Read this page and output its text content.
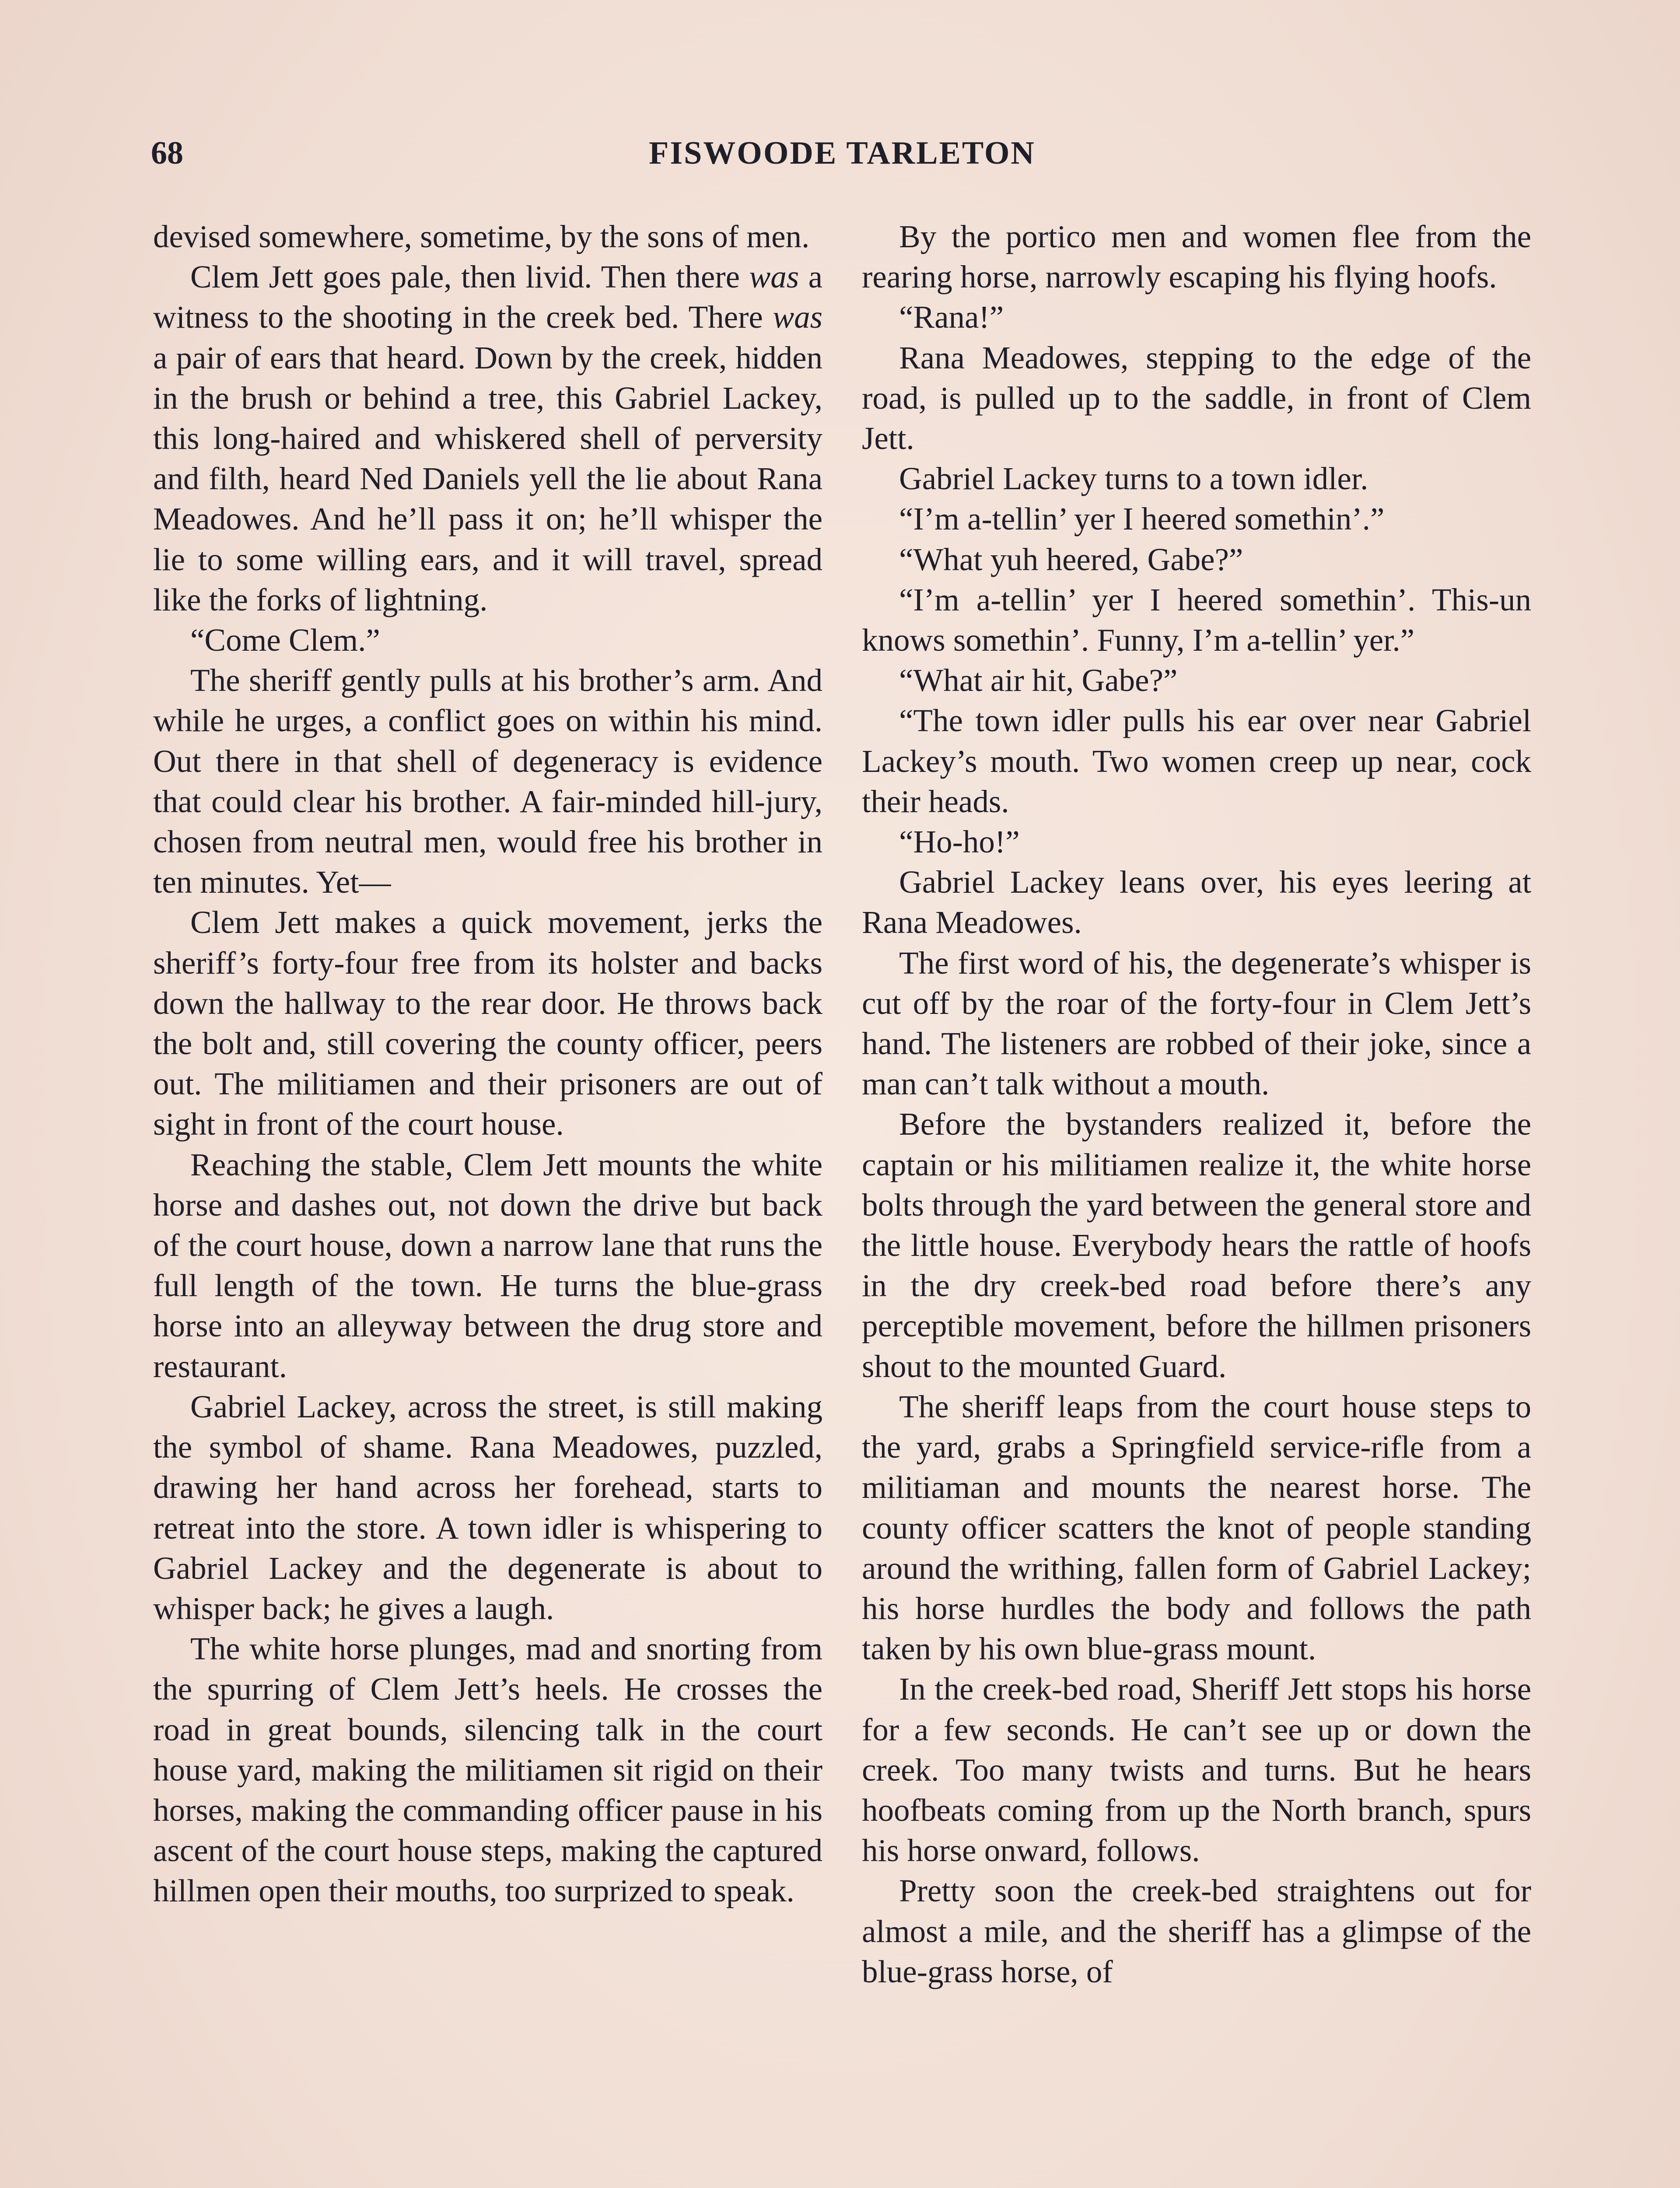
68	FISWOODE TARLETON

devised somewhere, sometime, by the sons of men.

Clem Jett goes pale, then livid. Then there was a witness to the shooting in the creek bed. There was a pair of ears that heard. Down by the creek, hidden in the brush or behind a tree, this Gabriel Lackey, this long-haired and whiskered shell of perversity and filth, heard Ned Daniels yell the lie about Rana Meadowes. And he’ll pass it on; he’ll whisper the lie to some willing ears, and it will travel, spread like the forks of lightning.

“Come Clem.”

The sheriff gently pulls at his brother’s arm. And while he urges, a conflict goes on within his mind. Out there in that shell of degeneracy is evidence that could clear his brother. A fair-minded hill-jury, chosen from neutral men, would free his brother in ten minutes. Yet—

Clem Jett makes a quick movement, jerks the sheriff’s forty-four free from its holster and backs down the hallway to the rear door. He throws back the bolt and, still covering the county officer, peers out. The militiamen and their prisoners are out of sight in front of the court house.

Reaching the stable, Clem Jett mounts the white horse and dashes out, not down the drive but back of the court house, down a narrow lane that runs the full length of the town. He turns the blue-grass horse into an alleyway between the drug store and restaurant.

Gabriel Lackey, across the street, is still making the symbol of shame. Rana Meadowes, puzzled, drawing her hand across her forehead, starts to retreat into the store. A town idler is whispering to Gabriel Lackey and the degenerate is about to whisper back; he gives a laugh.

The white horse plunges, mad and snorting from the spurring of Clem Jett’s heels. He crosses the road in great bounds, silencing talk in the court house yard, making the militiamen sit rigid on their horses, making the commanding officer pause in his ascent of the court house steps, making the captured hillmen open their mouths, too surprized to speak.

By the portico men and women flee from the rearing horse, narrowly escaping his flying hoofs.

“Rana!”

Rana Meadowes, stepping to the edge of the road, is pulled up to the saddle, in front of Clem Jett.

Gabriel Lackey turns to a town idler.

“I’m a-tellin’ yer I heered somethin’.”

“What yuh heered, Gabe?”

“I’m a-tellin’ yer I heered somethin’. This-un knows somethin’. Funny, I’m a-tellin’ yer.”

“What air hit, Gabe?”

“The town idler pulls his ear over near Gabriel Lackey’s mouth. Two women creep up near, cock their heads.

“Ho-ho!”

Gabriel Lackey leans over, his eyes leering at Rana Meadowes.

The first word of his, the degenerate’s whisper is cut off by the roar of the forty-four in Clem Jett’s hand. The listeners are robbed of their joke, since a man can’t talk without a mouth.

Before the bystanders realized it, before the captain or his militiamen realize it, the white horse bolts through the yard between the general store and the little house. Everybody hears the rattle of hoofs in the dry creek-bed road before there’s any perceptible movement, before the hillmen prisoners shout to the mounted Guard.

The sheriff leaps from the court house steps to the yard, grabs a Springfield service-rifle from a militiaman and mounts the nearest horse. The county officer scatters the knot of people standing around the writhing, fallen form of Gabriel Lackey; his horse hurdles the body and follows the path taken by his own blue-grass mount.

In the creek-bed road, Sheriff Jett stops his horse for a few seconds. He can’t see up or down the creek. Too many twists and turns. But he hears hoofbeats coming from up the North branch, spurs his horse onward, follows.

Pretty soon the creek-bed straightens out for almost a mile, and the sheriff has a glimpse of the blue-grass horse, of
